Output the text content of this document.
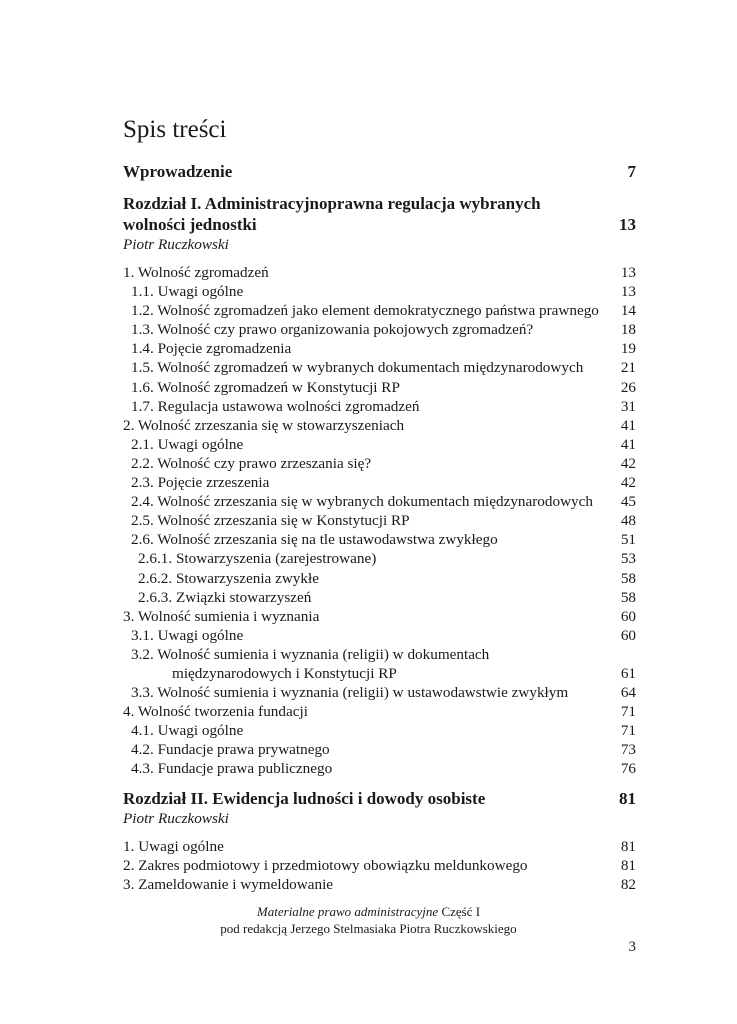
Spis treści
Wprowadzenie	7
Rozdział I. Administracyjnoprawna regulacja wybranych
wolności jednostki	13
Piotr Ruczkowski
1. Wolność zgromadzeń	13
1.1. Uwagi ogólne	13
1.2. Wolność zgromadzeń jako element demokratycznego państwa prawnego 14
1.3. Wolność czy prawo organizowania pokojowych zgromadzeń?	18
1.4. Pojęcie zgromadzenia	19
1.5. Wolność zgromadzeń w wybranych dokumentach międzynarodowych 21
1.6. Wolność zgromadzeń w Konstytucji RP	26
1.7. Regulacja ustawowa wolności zgromadzeń	31
2. Wolność zrzeszania się w stowarzyszeniach	41
2.1. Uwagi ogólne	41
2.2. Wolność czy prawo zrzeszania się?	42
2.3. Pojęcie zrzeszenia	42
2.4. Wolność zrzeszania się w wybranych dokumentach międzynarodowych 45
2.5. Wolność zrzeszania się w Konstytucji RP	48
2.6. Wolność zrzeszania się na tle ustawodawstwa zwykłego	51
2.6.1. Stowarzyszenia (zarejestrowane)	53
2.6.2. Stowarzyszenia zwykłe	58
2.6.3. Związki stowarzyszeń	58
3. Wolność sumienia i wyznania	60
3.1. Uwagi ogólne	60
3.2. Wolność sumienia i wyznania (religii) w dokumentach
międzynarodowych i Konstytucji RP	61
3.3. Wolność sumienia i wyznania (religii) w ustawodawstwie zwykłym	64
4. Wolność tworzenia fundacji	71
4.1. Uwagi ogólne	71
4.2. Fundacje prawa prywatnego	73
4.3. Fundacje prawa publicznego	76
Rozdział II. Ewidencja ludności i dowody osobiste	81
Piotr Ruczkowski
1. Uwagi ogólne	81
2. Zakres podmiotowy i przedmiotowy obowiązku meldunkowego	81
3. Zameldowanie i wymeldowanie	82
Materialne prawo administracyjne Część I
pod redakcją Jerzego Stelmasiaka Piotra Ruczkowskiego
3
